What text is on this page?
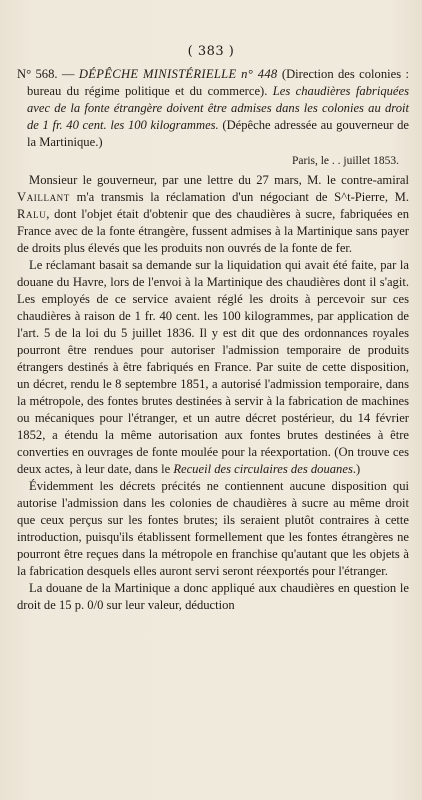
( 383 )
N° 568. — DÉPÊCHE MINISTÉRIELLE n° 448 (Direction des colonies : bureau du régime politique et du commerce). Les chaudières fabriquées avec de la fonte étrangère doivent être admises dans les colonies au droit de 1 fr. 40 cent. les 100 kilogrammes. (Dépêche adressée au gouverneur de la Martinique.)
Paris, le . . juillet 1853.

Monsieur le gouverneur, par une lettre du 27 mars, M. le contre-amiral Vaillant m'a transmis la réclamation d'un négociant de S^t-Pierre, M. Ralu, dont l'objet était d'obtenir que des chaudières à sucre, fabriquées en France avec de la fonte étrangère, fussent admises à la Martinique sans payer de droits plus élevés que les produits non ouvrés de la fonte de fer.

Le réclamant basait sa demande sur la liquidation qui avait été faite, par la douane du Havre, lors de l'envoi à la Martinique des chaudières dont il s'agit. Les employés de ce service avaient réglé les droits à percevoir sur ces chaudières à raison de 1 fr. 40 cent. les 100 kilogrammes, par application de l'art. 5 de la loi du 5 juillet 1836. Il y est dit que des ordonnances royales pourront être rendues pour autoriser l'admission temporaire de produits étrangers destinés à être fabriqués en France. Par suite de cette disposition, un décret, rendu le 8 septembre 1851, a autorisé l'admission temporaire, dans la métropole, des fontes brutes destinées à servir à la fabrication de machines ou mécaniques pour l'étranger, et un autre décret postérieur, du 14 février 1852, a étendu la même autorisation aux fontes brutes destinées à être converties en ouvrages de fonte moulée pour la réexportation. (On trouve ces deux actes, à leur date, dans le Recueil des circulaires des douanes.)

Évidemment les décrets précités ne contiennent aucune disposition qui autorise l'admission dans les colonies de chaudières à sucre au même droit que ceux perçus sur les fontes brutes; ils seraient plutôt contraires à cette introduction, puisqu'ils établissent formellement que les fontes étrangères ne pourront être reçues dans la métropole en franchise qu'autant que les objets à la fabrication desquels elles auront servi seront réexportés pour l'étranger.

La douane de la Martinique a donc appliqué aux chaudières en question le droit de 15 p. 0/0 sur leur valeur, déduction
